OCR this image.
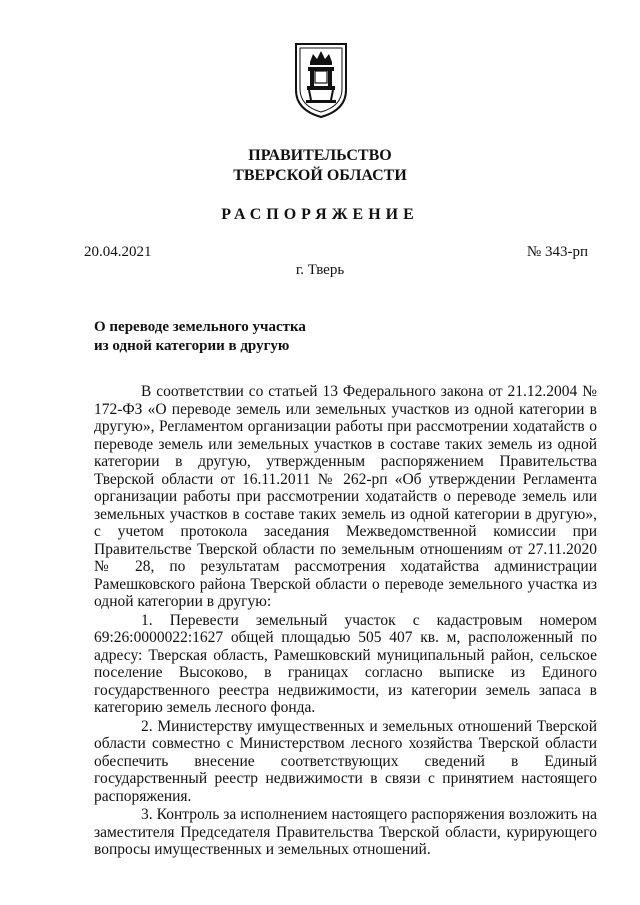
ПРАВИТЕЛЬСТВО
ТВЕРСКОЙ ОБЛАСТИ
РАСПОРЯЖЕНИЕ
20.04.2021	№ 343-рп
г. Тверь
О переводе земельного участка
из одной категории в другую

В соответствии со статьей 13 Федерального закона от 21.12.2004 № 172-ФЗ «О переводе земель или земельных участков из одной категории в другую», Регламентом организации работы при рассмотрении ходатайств о переводе земель или земельных участков в составе таких земель из одной категории в другую, утвержденным распоряжением Правительства Тверской области от 16.11.2011 № 262-рп «Об утверждении Регламента организации работы при рассмотрении ходатайств о переводе земель или земельных участков в составе таких земель из одной категории в другую», с учетом протокола заседания Межведомственной комиссии при Правительстве Тверской области по земельным отношениям от 27.11.2020 № 28, по результатам рассмотрения ходатайства администрации Рамешковского района Тверской области о переводе земельного участка из одной категории в другую:

1. Перевести земельный участок с кадастровым номером 69:26:0000022:1627 общей площадью 505 407 кв. м, расположенный по адресу: Тверская область, Рамешковский муниципальный район, сельское поселение Высоково, в границах согласно выписке из Единого государственного реестра недвижимости, из категории земель запаса в категорию земель лесного фонда.

2. Министерству имущественных и земельных отношений Тверской области совместно с Министерством лесного хозяйства Тверской области обеспечить внесение соответствующих сведений в Единый государственный реестр недвижимости в связи с принятием настоящего распоряжения.

3. Контроль за исполнением настоящего распоряжения возложить на заместителя Председателя Правительства Тверской области, курирующего вопросы имущественных и земельных отношений.
